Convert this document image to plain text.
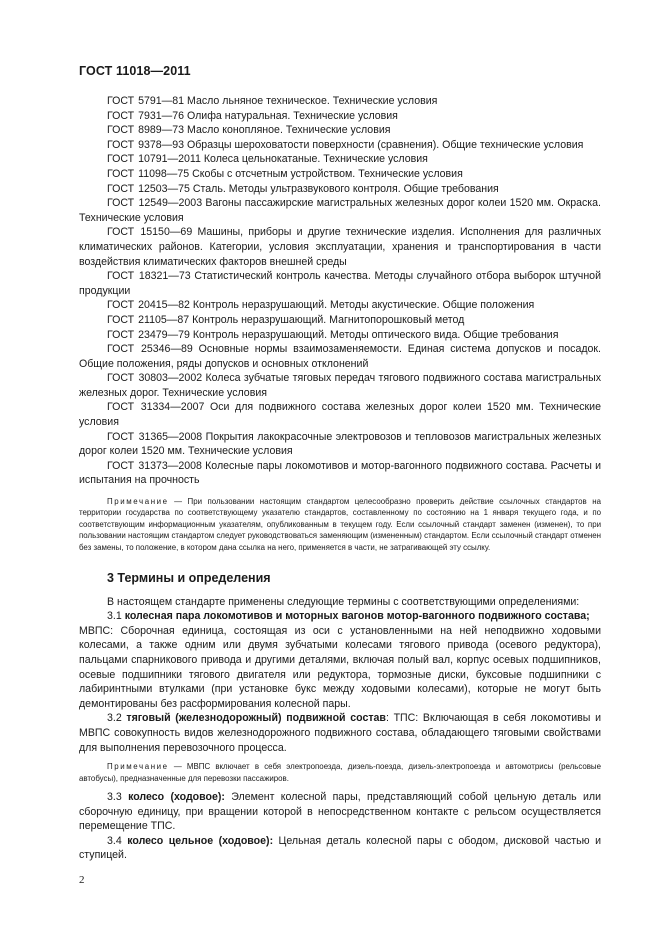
ГОСТ 11018—2011

ГОСТ 5791—81 Масло льняное техническое. Технические условия

ГОСТ 7931—76 Олифа натуральная. Технические условия

ГОСТ 8989—73 Масло конопляное. Технические условия

ГОСТ 9378—93 Образцы шероховатости поверхности (сравнения). Общие технические условия

ГОСТ 10791—2011 Колеса цельнокатаные. Технические условия

ГОСТ 11098—75 Скобы с отсчетным устройством. Технические условия

ГОСТ 12503—75 Сталь. Методы ультразвукового контроля. Общие требования

ГОСТ 12549—2003 Вагоны пассажирские магистральных железных дорог колеи 1520 мм. Окраска. Технические условия

ГОСТ 15150—69 Машины, приборы и другие технические изделия. Исполнения для различных климатических районов. Категории, условия эксплуатации, хранения и транспортирования в части воздействия климатических факторов внешней среды

ГОСТ 18321—73 Статистический контроль качества. Методы случайного отбора выборок штучной продукции

ГОСТ 20415—82 Контроль неразрушающий. Методы акустические. Общие положения

ГОСТ 21105—87 Контроль неразрушающий. Магнитопорошковый метод

ГОСТ 23479—79 Контроль неразрушающий. Методы оптического вида. Общие требования

ГОСТ 25346—89 Основные нормы взаимозаменяемости. Единая система допусков и посадок. Общие положения, ряды допусков и основных отклонений

ГОСТ 30803—2002 Колеса зубчатые тяговых передач тягового подвижного состава магистральных железных дорог. Технические условия

ГОСТ 31334—2007 Оси для подвижного состава железных дорог колеи 1520 мм. Технические условия

ГОСТ 31365—2008 Покрытия лакокрасочные электровозов и тепловозов магистральных железных дорог колеи 1520 мм. Технические условия

ГОСТ 31373—2008 Колесные пары локомотивов и мотор-вагонного подвижного состава. Расчеты и испытания на прочность

Примечание — При пользовании настоящим стандартом целесообразно проверить действие ссылочных стандартов на территории государства по соответствующему указателю стандартов, составленному по состоянию на 1 января текущего года, и по соответствующим информационным указателям, опубликованным в текущем году. Если ссылочный стандарт заменен (изменен), то при пользовании настоящим стандартом следует руководствоваться заменяющим (измененным) стандартом. Если ссылочный стандарт отменен без замены, то положение, в котором дана ссылка на него, применяется в части, не затрагивающей эту ссылку.

3 Термины и определения

В настоящем стандарте применены следующие термины с соответствующими определениями:

3.1 колесная пара локомотивов и моторных вагонов мотор-вагонного подвижного состава;
МВПС: Сборочная единица, состоящая из оси с установленными на ней неподвижно ходовыми колесами, а также одним или двумя зубчатыми колесами тягового привода (осевого редуктора), пальцами спарникового привода и другими деталями, включая полый вал, корпус осевых подшипников, осевые подшипники тягового двигателя или редуктора, тормозные диски, буксовые подшипники с лабиринтными втулками (при установке букс между ходовыми колесами), которые не могут быть демонтированы без расформирования колесной пары.

3.2 тяговый (железнодорожный) подвижной состав: ТПС: Включающая в себя локомотивы и МВПС совокупность видов железнодорожного подвижного состава, обладающего тяговыми свойствами для выполнения перевозочного процесса.

Примечание — МВПС включает в себя электропоезда, дизель-поезда, дизель-электропоезда и автомотрисы (рельсовые автобусы), предназначенные для перевозки пассажиров.

3.3 колесо (ходовое): Элемент колесной пары, представляющий собой цельную деталь или сборочную единицу, при вращении которой в непосредственном контакте с рельсом осуществляется перемещение ТПС.

3.4 колесо цельное (ходовое): Цельная деталь колесной пары с ободом, дисковой частью и ступицей.

2
